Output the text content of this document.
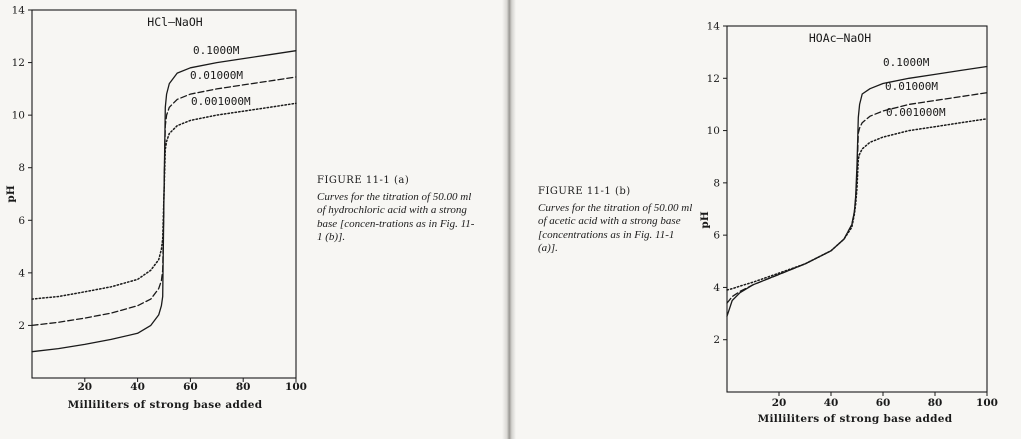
2
4
6
8
10
12
14
20	40	60	80	100
HCl–NaOH
Milliliters of strong base added
pH
0.1000M
0.01000M
0.001000M
2
4
6
8
10
12
14
20	40	60	80	100
HOAc–NaOH
Milliliters of strong base added
pH
0.1000M
0.01000M
0.001000M
FIGURE 11-1 (a)
Curves for the titration of 50.00 ml of hydrochloric acid with a strong base [concen-trations as in Fig. 11-1 (b)].
FIGURE 11-1 (b)
Curves for the titration of 50.00 ml of acetic acid with a strong base [concentrations as in Fig. 11-1 (a)].
